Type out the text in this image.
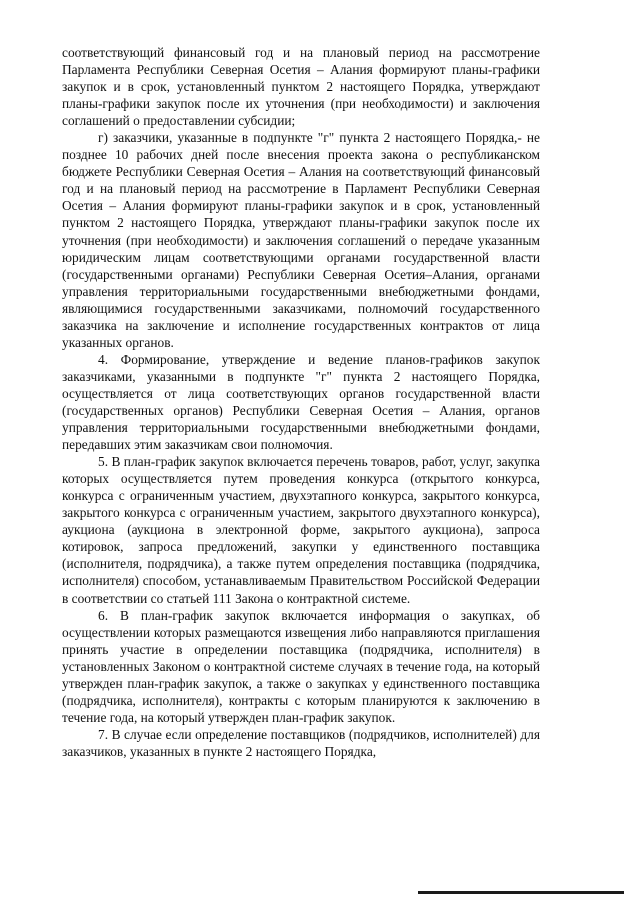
соответствующий финансовый год и на плановый период на рассмотрение Парламента Республики Северная Осетия – Алания формируют планы-графики закупок и в срок, установленный пунктом 2 настоящего Порядка, утверждают планы-графики закупок после их уточнения (при необходимости) и заключения соглашений о предоставлении субсидии;

г) заказчики, указанные в подпункте "г" пункта 2 настоящего Порядка,- не позднее 10 рабочих дней после внесения проекта закона о республиканском бюджете Республики Северная Осетия – Алания на соответствующий финансовый год и на плановый период на рассмотрение в Парламент Республики Северная Осетия – Алания формируют планы-графики закупок и в срок, установленный пунктом 2 настоящего Порядка, утверждают планы-графики закупок после их уточнения (при необходимости) и заключения соглашений о передаче указанным юридическим лицам соответствующими органами государственной власти (государственными органами) Республики Северная Осетия–Алания, органами управления территориальными государственными внебюджетными фондами, являющимися государственными заказчиками, полномочий государственного заказчика на заключение и исполнение государственных контрактов от лица указанных органов.

4. Формирование, утверждение и ведение планов-графиков закупок заказчиками, указанными в подпункте "г" пункта 2 настоящего Порядка, осуществляется от лица соответствующих органов государственной власти (государственных органов) Республики Северная Осетия – Алания, органов управления территориальными государственными внебюджетными фондами, передавших этим заказчикам свои полномочия.

5. В план-график закупок включается перечень товаров, работ, услуг, закупка которых осуществляется путем проведения конкурса (открытого конкурса, конкурса с ограниченным участием, двухэтапного конкурса, закрытого конкурса, закрытого конкурса с ограниченным участием, закрытого двухэтапного конкурса), аукциона (аукциона в электронной форме, закрытого аукциона), запроса котировок, запроса предложений, закупки у единственного поставщика (исполнителя, подрядчика), а также путем определения поставщика (подрядчика, исполнителя) способом, устанавливаемым Правительством Российской Федерации в соответствии со статьей 111 Закона о контрактной системе.

6. В план-график закупок включается информация о закупках, об осуществлении которых размещаются извещения либо направляются приглашения принять участие в определении поставщика (подрядчика, исполнителя) в установленных Законом о контрактной системе случаях в течение года, на который утвержден план-график закупок, а также о закупках у единственного поставщика (подрядчика, исполнителя), контракты с которым планируются к заключению в течение года, на который утвержден план-график закупок.

7. В случае если определение поставщиков (подрядчиков, исполнителей) для заказчиков, указанных в пункте 2 настоящего Порядка,
